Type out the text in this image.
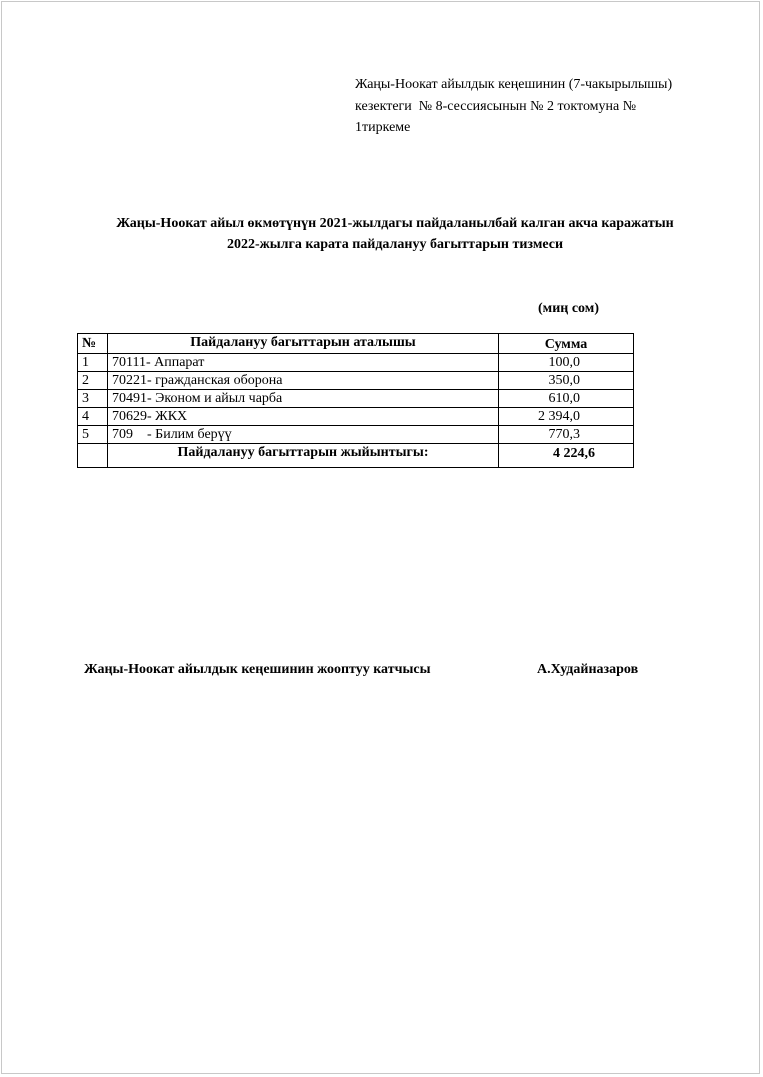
Жаңы-Ноокат айылдык кеңешинин (7-чакырылышы)
кезектеги  № 8-сессиясынын № 2 токтомуна №
1тиркеме
Жаңы-Ноокат айыл өкмөтүнүн 2021-жылдагы пайдаланылбай калган акча каражатын
2022-жылга карата пайдалануу багыттарын тизмеси
(миң сом)
№	Пайдалануу багыттарын аталышы	Сумма
1	70111- Аппарат	100,0
2	70221- гражданская оборона	350,0
3	70491- Эконом и айыл чарба	610,0
4	70629- ЖКХ	2 394,0
5	709    - Билим берүү	770,3
	Пайдалануу багыттарын жыйынтыгы:	4 224,6
Жаңы-Ноокат айылдык кеңешинин жооптуу катчысы	А.Худайназаров
